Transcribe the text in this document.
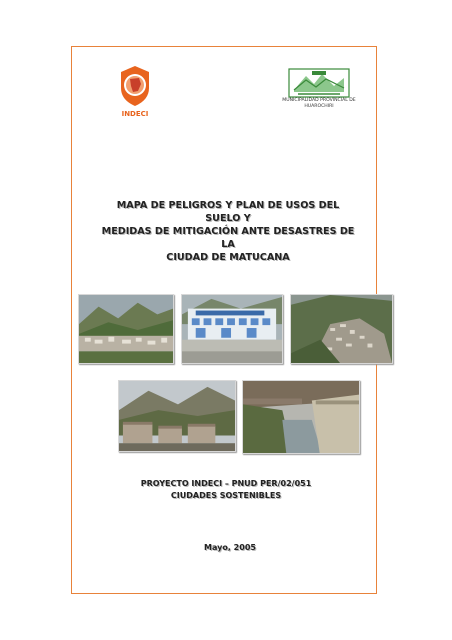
INDECI
MUNICIPALIDAD PROVINCIAL DE
HUAROCHIRI
MAPA DE PELIGROS Y PLAN DE USOS DEL SUELO Y
MEDIDAS DE MITIGACIÓN ANTE DESASTRES DE LA
CIUDAD DE MATUCANA
PROYECTO INDECI – PNUD PER/02/051
CIUDADES SOSTENIBLES
Mayo, 2005
